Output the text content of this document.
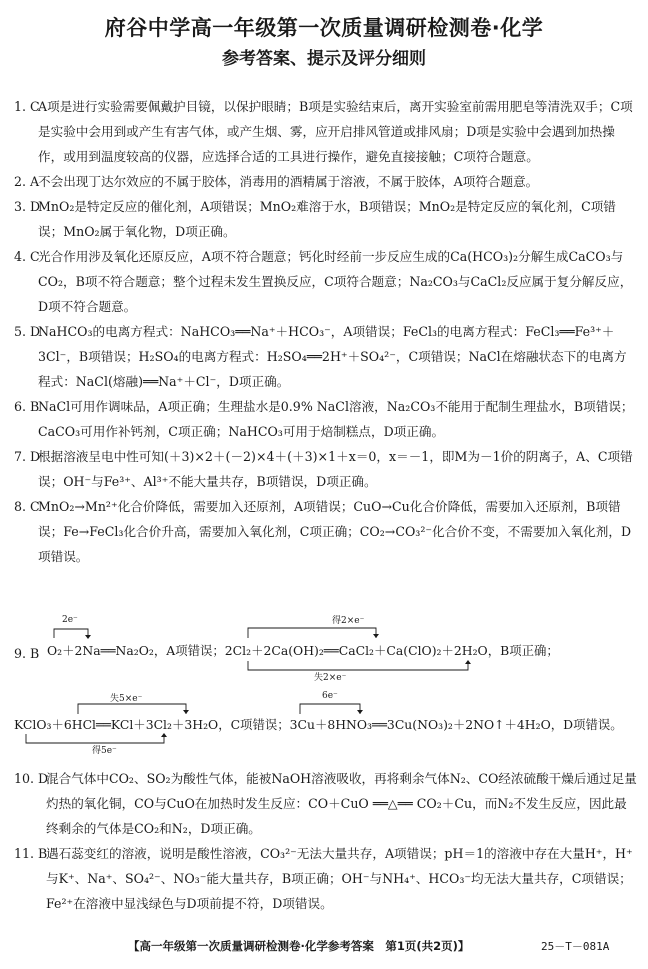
府谷中学高一年级第一次质量调研检测卷·化学
参考答案、提示及评分细则
1. C
A项是进行实验需要佩戴护目镜，以保护眼睛；B项是实验结束后，离开实验室前需用肥皂等清洗双手；C项是实验中会用到或产生有害气体，或产生烟、雾，应开启排风管道或排风扇；D项是实验中会遇到加热操作，或用到温度较高的仪器，应选择合适的工具进行操作，避免直接接触；C项符合题意。
2. A
不会出现丁达尔效应的不属于胶体，消毒用的酒精属于溶液，不属于胶体，A项符合题意。
3. D
MnO₂是特定反应的催化剂，A项错误；MnO₂难溶于水，B项错误；MnO₂是特定反应的氧化剂，C项错误；MnO₂属于氧化物，D项正确。
4. C
光合作用涉及氧化还原反应，A项不符合题意；钙化时经前一步反应生成的Ca(HCO₃)₂分解生成CaCO₃与CO₂，B项不符合题意；整个过程未发生置换反应，C项符合题意；Na₂CO₃与CaCl₂反应属于复分解反应，D项不符合题意。
5. D
NaHCO₃的电离方程式：NaHCO₃══Na⁺＋HCO₃⁻，A项错误；FeCl₃的电离方程式：FeCl₃══Fe³⁺＋3Cl⁻，B项错误；H₂SO₄的电离方程式：H₂SO₄══2H⁺＋SO₄²⁻，C项错误；NaCl在熔融状态下的电离方程式：NaCl(熔融)══Na⁺＋Cl⁻，D项正确。
6. B
NaCl可用作调味品，A项正确；生理盐水是0.9% NaCl溶液，Na₂CO₃不能用于配制生理盐水，B项错误；CaCO₃可用作补钙剂，C项正确；NaHCO₃可用于焙制糕点，D项正确。
7. D
根据溶液呈电中性可知(＋3)×2＋(－2)×4＋(＋3)×1＋x＝0，x＝－1，即M为－1价的阴离子，A、C项错误；OH⁻与Fe³⁺、Al³⁺不能大量共存，B项错误，D项正确。
8. C
MnO₂→Mn²⁺化合价降低，需要加入还原剂，A项错误；CuO→Cu化合价降低，需要加入还原剂，B项错误；Fe→FeCl₃化合价升高，需要加入氧化剂，C项正确；CO₂→CO₃²⁻化合价不变，不需要加入氧化剂，D项错误。
9. B
2e⁻	得2×e⁻
O₂＋2Na══Na₂O₂，A项错误；2Cl₂＋2Ca(OH)₂══CaCl₂＋Ca(ClO)₂＋2H₂O，B项正确；
失2×e⁻
失5×e⁻	6e⁻
KClO₃＋6HCl══KCl＋3Cl₂＋3H₂O，C项错误；3Cu＋8HNO₃══3Cu(NO₃)₂＋2NO↑＋4H₂O，D项错误。
得5e⁻
10. D
混合气体中CO₂、SO₂为酸性气体，能被NaOH溶液吸收，再将剩余气体N₂、CO经浓硫酸干燥后通过足量灼热的氧化铜，CO与CuO在加热时发生反应：CO＋CuO ══△══ CO₂＋Cu，而N₂不发生反应，因此最终剩余的气体是CO₂和N₂，D项正确。
11. B
遇石蕊变红的溶液，说明是酸性溶液，CO₃²⁻无法大量共存，A项错误；pH＝1的溶液中存在大量H⁺，H⁺与K⁺、Na⁺、SO₄²⁻、NO₃⁻能大量共存，B项正确；OH⁻与NH₄⁺、HCO₃⁻均无法大量共存，C项错误；Fe²⁺在溶液中显浅绿色与D项前提不符，D项错误。
【高一年级第一次质量调研检测卷·化学参考答案　第1页(共2页)】	25－T－081A
